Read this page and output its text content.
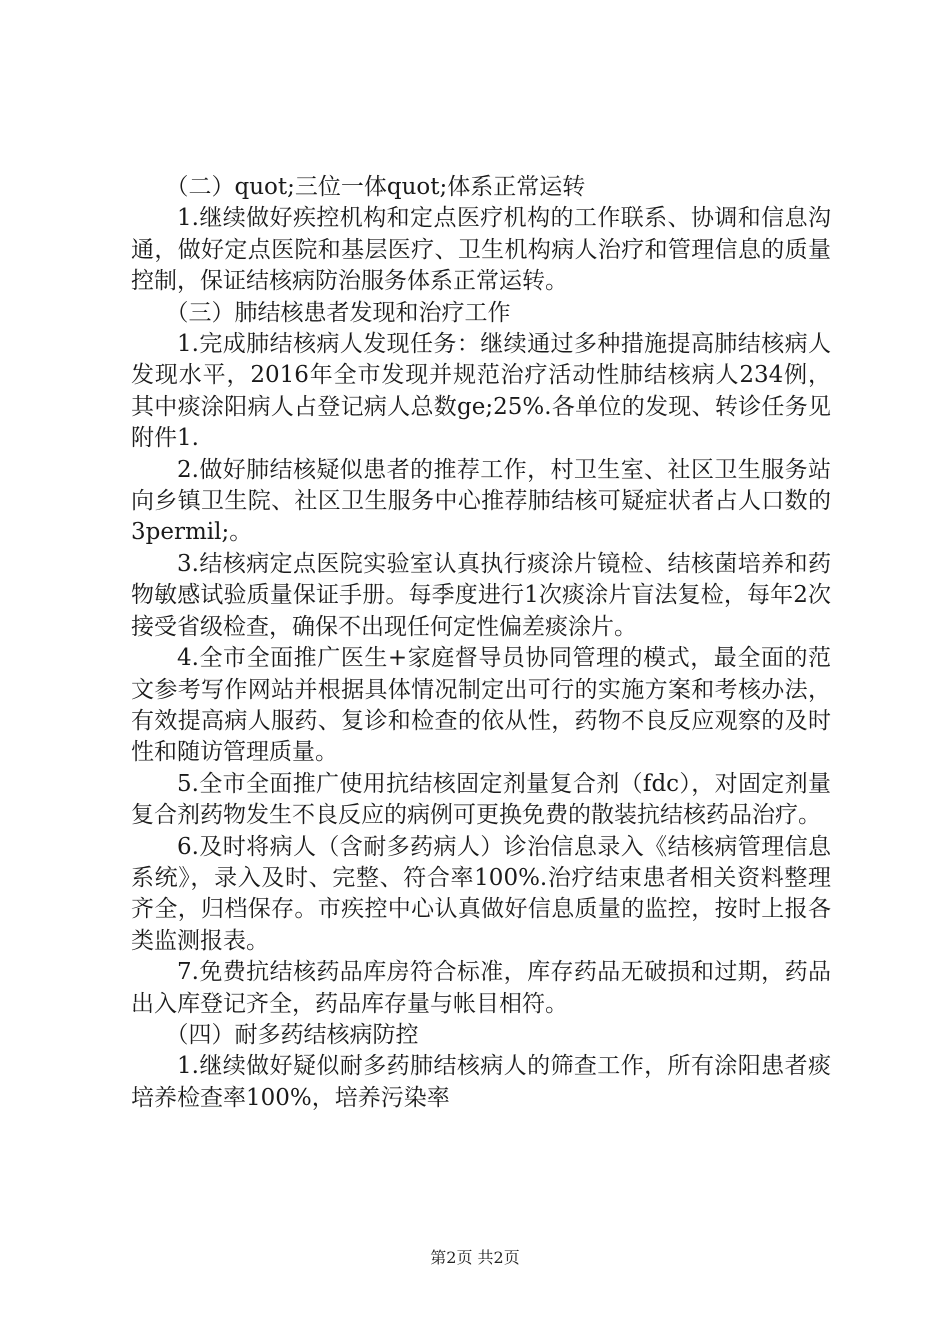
（二）quot;三位一体quot;体系正常运转

1.继续做好疾控机构和定点医疗机构的工作联系、协调和信息沟通，做好定点医院和基层医疗、卫生机构病人治疗和管理信息的质量控制，保证结核病防治服务体系正常运转。

（三）肺结核患者发现和治疗工作

1.完成肺结核病人发现任务：继续通过多种措施提高肺结核病人发现水平，2016年全市发现并规范治疗活动性肺结核病人234例，其中痰涂阳病人占登记病人总数ge;25%.各单位的发现、转诊任务见附件1.

2.做好肺结核疑似患者的推荐工作，村卫生室、社区卫生服务站向乡镇卫生院、社区卫生服务中心推荐肺结核可疑症状者占人口数的3permil;。

3.结核病定点医院实验室认真执行痰涂片镜检、结核菌培养和药物敏感试验质量保证手册。每季度进行1次痰涂片盲法复检，每年2次接受省级检查，确保不出现任何定性偏差痰涂片。

4.全市全面推广医生+家庭督导员协同管理的模式，最全面的范文参考写作网站并根据具体情况制定出可行的实施方案和考核办法，有效提高病人服药、复诊和检查的依从性，药物不良反应观察的及时性和随访管理质量。

5.全市全面推广使用抗结核固定剂量复合剂（fdc），对固定剂量复合剂药物发生不良反应的病例可更换免费的散装抗结核药品治疗。

6.及时将病人（含耐多药病人）诊治信息录入《结核病管理信息系统》，录入及时、完整、符合率100%.治疗结束患者相关资料整理齐全，归档保存。市疾控中心认真做好信息质量的监控，按时上报各类监测报表。

7.免费抗结核药品库房符合标准，库存药品无破损和过期，药品出入库登记齐全，药品库存量与帐目相符。

（四）耐多药结核病防控

1.继续做好疑似耐多药肺结核病人的筛查工作，所有涂阳患者痰培养检查率100%，培养污染率

第2页 共2页
